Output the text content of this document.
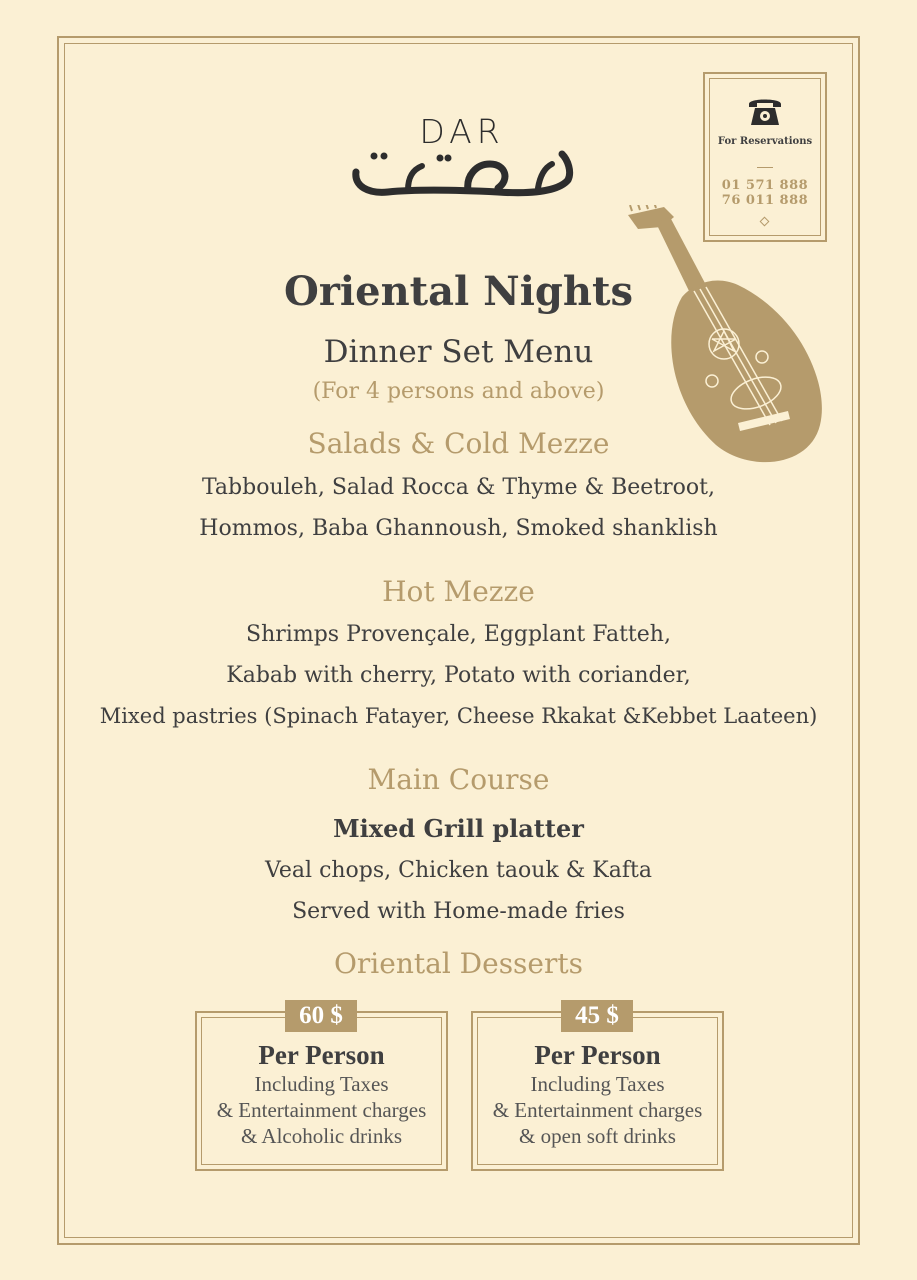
DAR	For Reservations
01 571 888
76 011 888
Oriental Nights
Dinner Set Menu
(For 4 persons and above)
Salads & Cold Mezze
Tabbouleh, Salad Rocca & Thyme & Beetroot,
Hommos, Baba Ghannoush, Smoked shanklish
Hot Mezze
Shrimps Provençale, Eggplant Fatteh,
Kabab with cherry, Potato with coriander,
Mixed pastries (Spinach Fatayer, Cheese Rkakat &Kebbet Laateen)
Main Course
Mixed Grill platter
Veal chops, Chicken taouk & Kafta
Served with Home-made fries
Oriental Desserts
60 $
Per Person
Including Taxes
& Entertainment charges
& Alcoholic drinks
45 $
Per Person
Including Taxes
& Entertainment charges
& open soft drinks
